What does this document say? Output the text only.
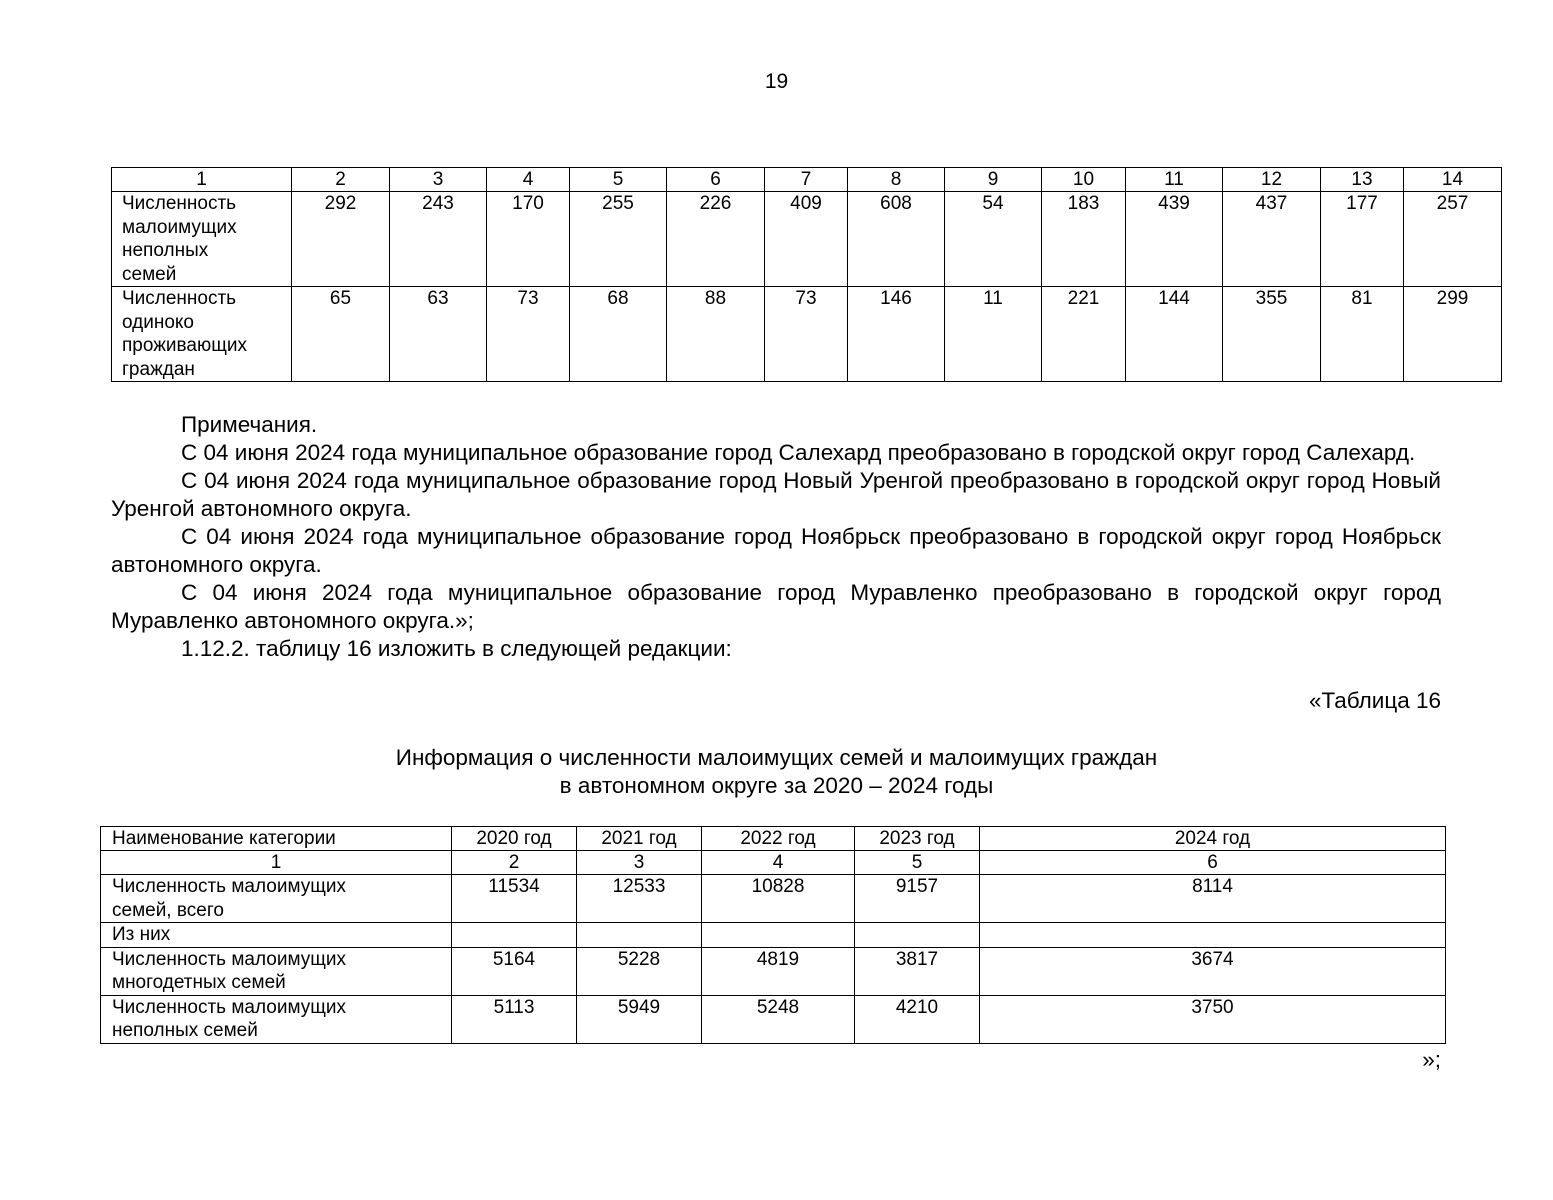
19
1	2	3	4	5	6	7	8	9	10	11	12	13	14

Численность
малоимущих
неполных
семей	292	243	170	255	226	409	608	54	183	439	437	177	257

Численность
одиноко
проживающих
граждан	65	63	73	68	88	73	146	11	221	144	355	81	299

Примечания.

С 04 июня 2024 года муниципальное образование город Салехард преобразовано в городской округ город Салехард.

С 04 июня 2024 года муниципальное образование город Новый Уренгой преобразовано в городской округ город Новый Уренгой автономного округа.

С 04 июня 2024 года муниципальное образование город Ноябрьск преобразовано в городской округ город Ноябрьск автономного округа.

С 04 июня 2024 года муниципальное образование город Муравленко преобразовано в городской округ город Муравленко автономного округа.»;

1.12.2. таблицу 16 изложить в следующей редакции:

«Таблица 16
Информация о численности малоимущих семей и малоимущих граждан
в автономном округе за 2020 – 2024 годы
Наименование категории	2020 год	2021 год	2022 год	2023 год	2024 год
1	2	3	4	5	6

Численность малоимущих
семей, всего	11534	12533	10828	9157	8114

Из них					

Численность малоимущих
многодетных семей	5164	5228	4819	3817	3674

Численность малоимущих
неполных семей	5113	5949	5248	4210	3750
»;
